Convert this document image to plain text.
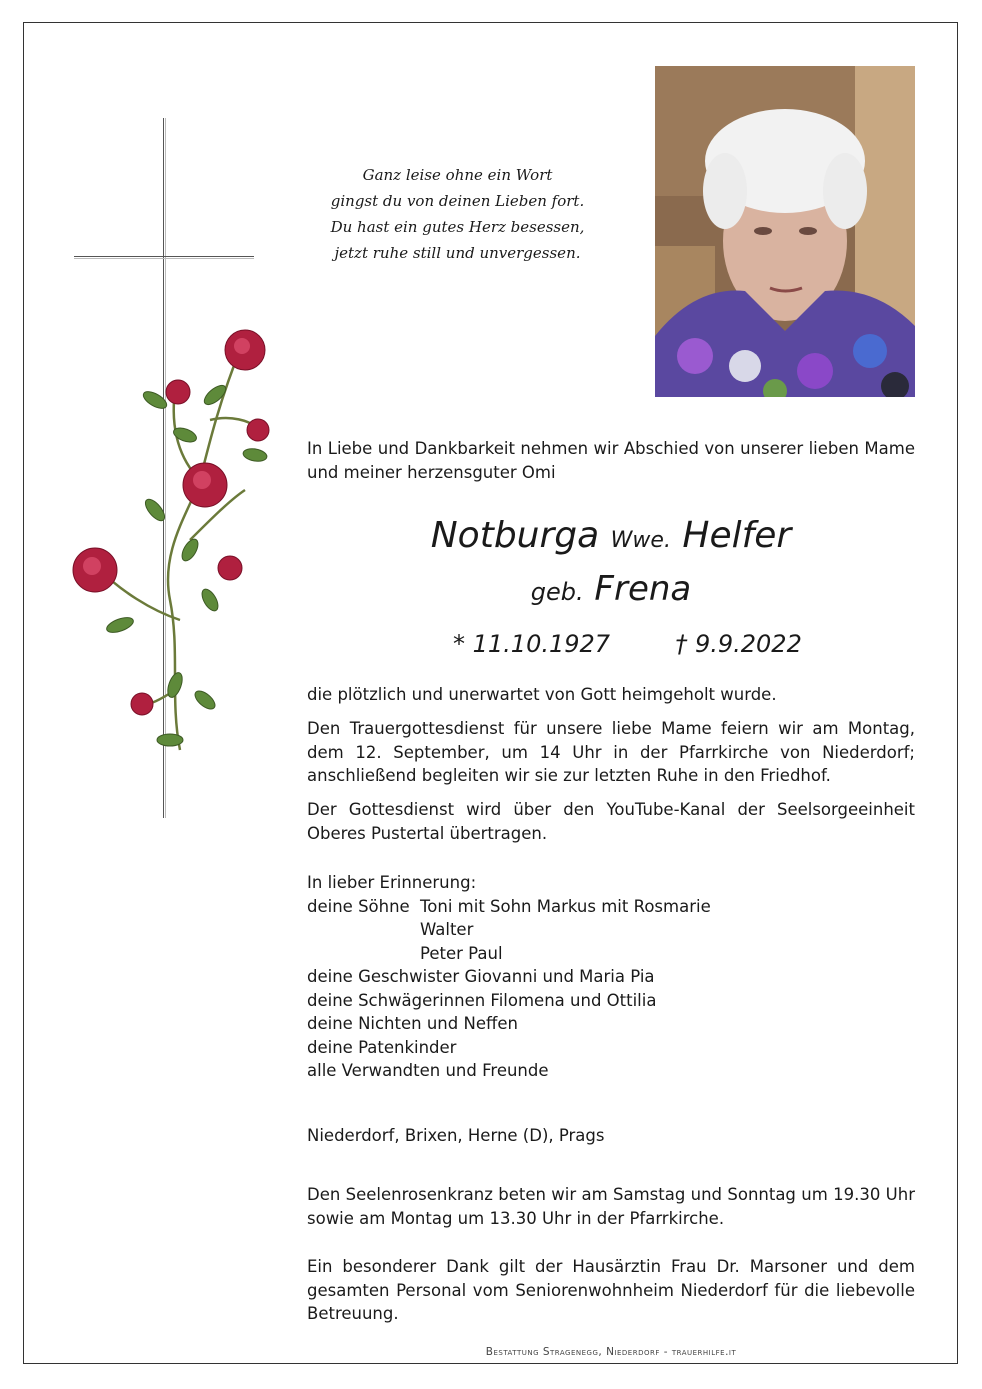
Ganz leise ohne ein Wort
gingst du von deinen Lieben fort.
Du hast ein gutes Herz besessen,
jetzt ruhe still und unvergessen.
In Liebe und Dankbarkeit nehmen wir Abschied von unserer lieben Mame und meiner herzensguter Omi
Notburga Wwe. Helfer
geb. Frena
* 11.10.1927	† 9.9.2022
die plötzlich und unerwartet von Gott heimgeholt wurde.
Den Trauergottesdienst für unsere liebe Mame feiern wir am Montag, dem 12. September, um 14 Uhr in der Pfarrkirche von Niederdorf; anschließend begleiten wir sie zur letzten Ruhe in den Friedhof.
Der Gottesdienst wird über den YouTube-Kanal der Seelsorgeeinheit Oberes Pustertal übertragen.
In lieber Erinnerung:
deine Söhne Toni mit Sohn Markus mit Rosmarie
Walter
Peter Paul
deine Geschwister Giovanni und Maria Pia
deine Schwägerinnen Filomena und Ottilia
deine Nichten und Neffen
deine Patenkinder
alle Verwandten und Freunde
Niederdorf, Brixen, Herne (D), Prags
Den Seelenrosenkranz beten wir am Samstag und Sonntag um 19.30 Uhr sowie am Montag um 13.30 Uhr in der Pfarrkirche.
Ein besonderer Dank gilt der Hausärztin Frau Dr. Marsoner und dem gesamten Personal vom Seniorenwohnheim Niederdorf für die liebevolle Betreuung.
Bestattung Stragenegg, Niederdorf - trauerhilfe.it
